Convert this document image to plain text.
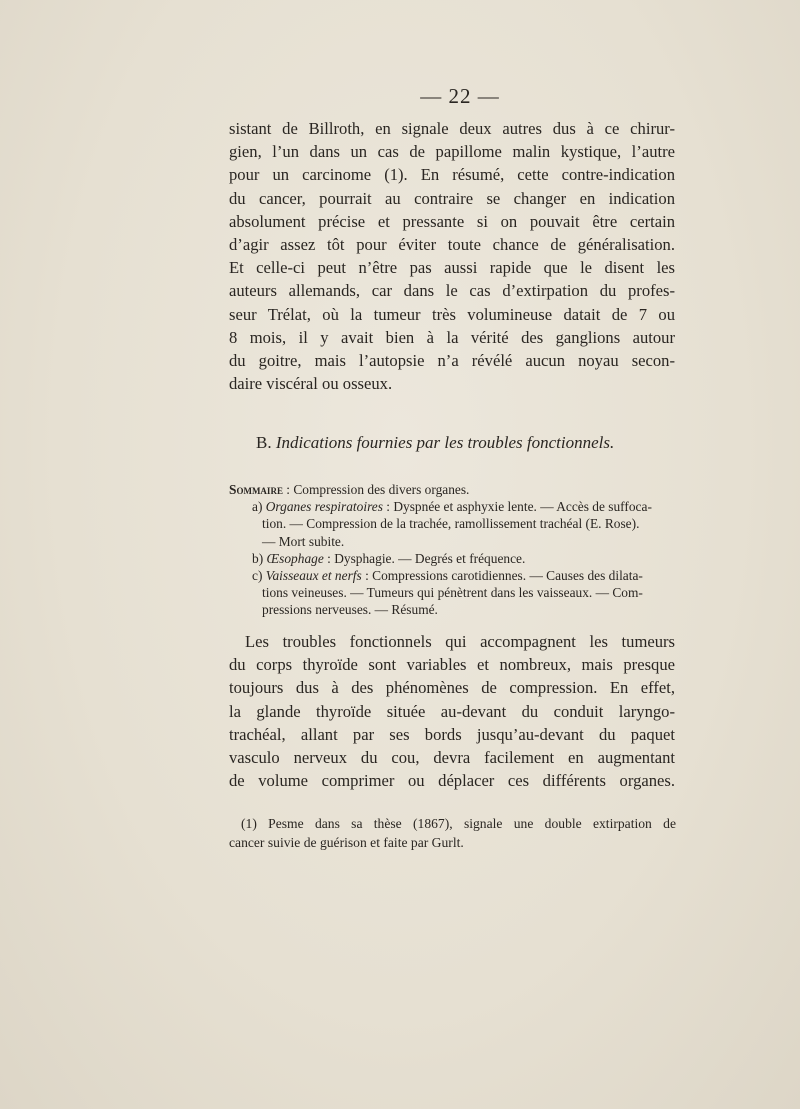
— 22 —
sistant de Billroth, en signale deux autres dus à ce chirur-
gien, l’un dans un cas de papillome malin kystique, l’autre
pour un carcinome (1). En résumé, cette contre-indication
du cancer, pourrait au contraire se changer en indication
absolument précise et pressante si on pouvait être certain
d’agir assez tôt pour éviter toute chance de généralisation.
Et celle-ci peut n’être pas aussi rapide que le disent les
auteurs allemands, car dans le cas d’extirpation du profes-
seur Trélat, où la tumeur très volumineuse datait de 7 ou
8 mois, il y avait bien à la vérité des ganglions autour
du goitre, mais l’autopsie n’a révélé aucun noyau secon-
daire viscéral ou osseux.
B. Indications fournies par les troubles fonctionnels.
Sommaire : Compression des divers organes.
a) Organes respiratoires : Dyspnée et asphyxie lente. — Accès de suffoca-
tion. — Compression de la trachée, ramollissement trachéal (E. Rose).
— Mort subite.
b) Œsophage : Dysphagie. — Degrés et fréquence.
c) Vaisseaux et nerfs : Compressions carotidiennes. — Causes des dilata-
tions veineuses. — Tumeurs qui pénètrent dans les vaisseaux. — Com-
pressions nerveuses. — Résumé.
Les troubles fonctionnels qui accompagnent les tumeurs
du corps thyroïde sont variables et nombreux, mais presque
toujours dus à des phénomènes de compression. En effet,
la glande thyroïde située au-devant du conduit laryngo-
trachéal, allant par ses bords jusqu’au-devant du paquet
vasculo nerveux du cou, devra facilement en augmentant
de volume comprimer ou déplacer ces différents organes.
(1) Pesme dans sa thèse (1867), signale une double extirpation de
cancer suivie de guérison et faite par Gurlt.
